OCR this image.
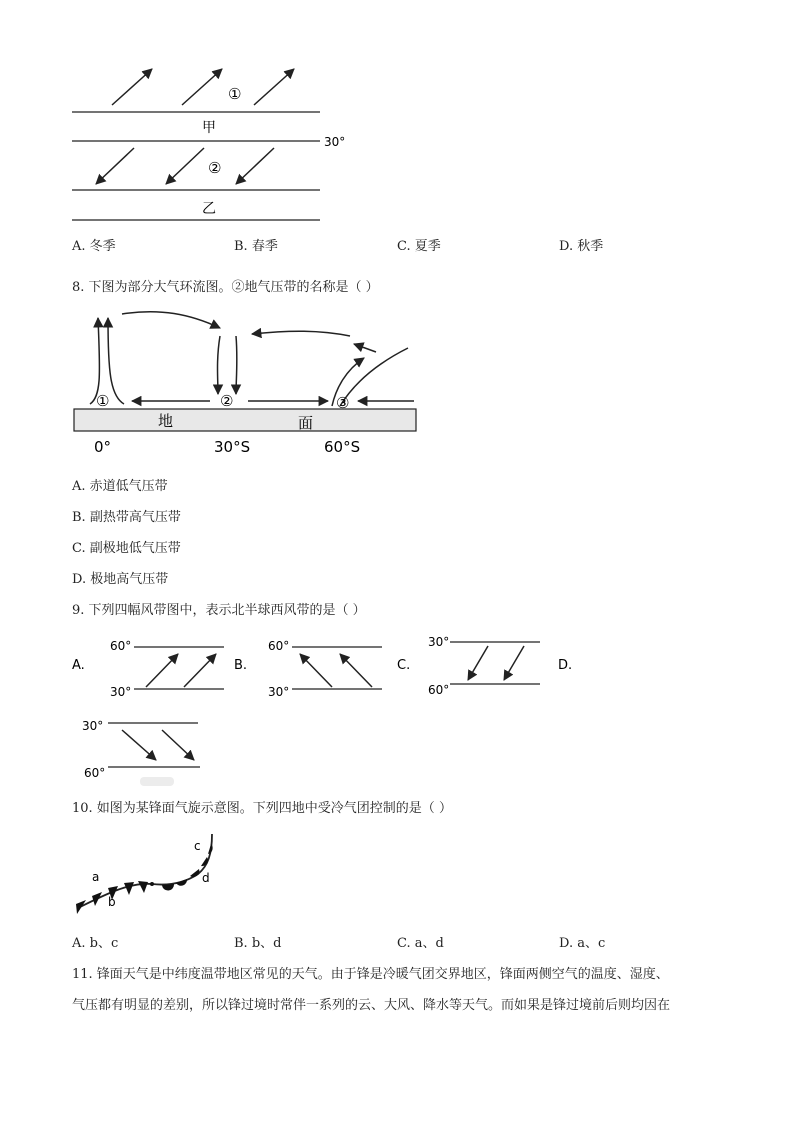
①
甲
②
乙
30°
A. 冬季	B. 春季	C. 夏季	D. 秋季
8. 下图为部分大气环流图。②地气压带的名称是（ ）
①	②	③
地	面
0°	30°S	60°S
A. 赤道低气压带
B. 副热带高气压带
C. 副极地低气压带
D. 极地高气压带
9. 下列四幅风带图中，表示北半球西风带的是（ ）
A.
60°
30°
B.
60°
30°
C.
30°
60°
D.
30°
60°
10. 如图为某锋面气旋示意图。下列四地中受冷气团控制的是（ ）
a
b
c
d
A. b、c	B. b、d	C. a、d	D. a、c
11. 锋面天气是中纬度温带地区常见的天气。由于锋是冷暖气团交界地区，锋面两侧空气的温度、湿度、
气压都有明显的差别，所以锋过境时常伴一系列的云、大风、降水等天气。而如果是锋过境前后则均因在
